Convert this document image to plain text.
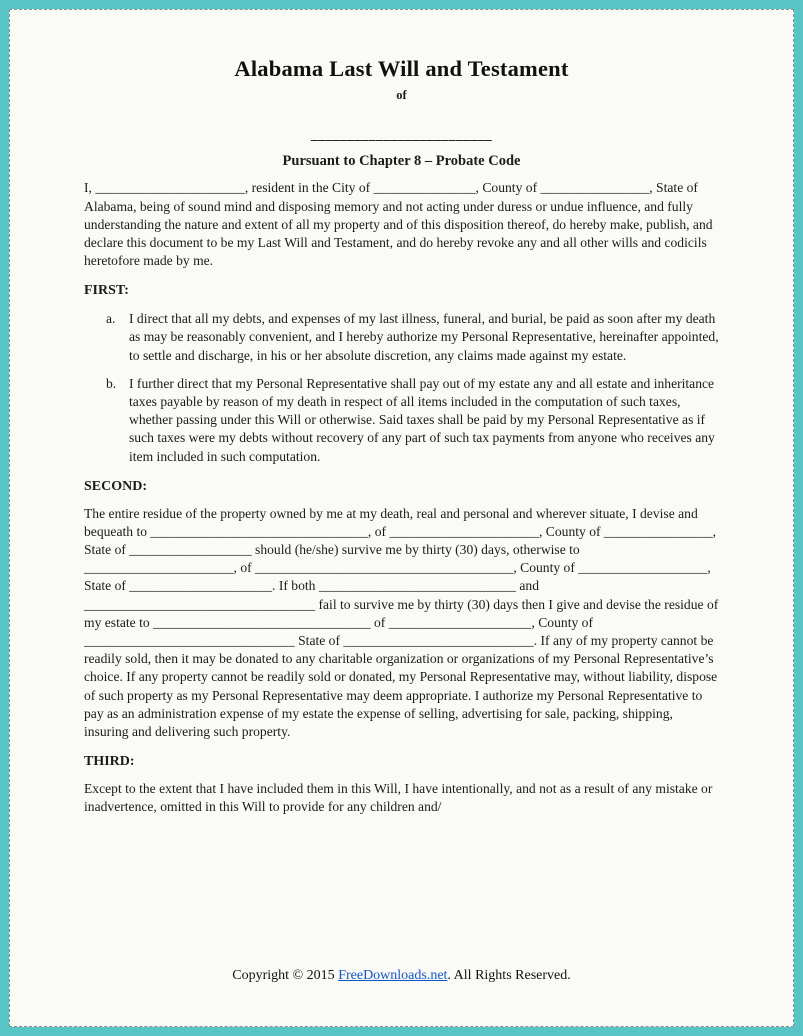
Alabama Last Will and Testament
of
_________________________
Pursuant to Chapter 8 – Probate Code

I, ______________________, resident in the City of _______________, County of ________________, State of Alabama, being of sound mind and disposing memory and not acting under duress or undue influence, and fully understanding the nature and extent of all my property and of this disposition thereof, do hereby make, publish, and declare this document to be my Last Will and Testament, and do hereby revoke any and all other wills and codicils heretofore made by me.

FIRST:
a. I direct that all my debts, and expenses of my last illness, funeral, and burial, be paid as soon after my death as may be reasonably convenient, and I hereby authorize my Personal Representative, hereinafter appointed, to settle and discharge, in his or her absolute discretion, any claims made against my estate.
b. I further direct that my Personal Representative shall pay out of my estate any and all estate and inheritance taxes payable by reason of my death in respect of all items included in the computation of such taxes, whether passing under this Will or otherwise. Said taxes shall be paid by my Personal Representative as if such taxes were my debts without recovery of any part of such tax payments from anyone who receives any item included in such computation.
SECOND:

The entire residue of the property owned by me at my death, real and personal and wherever situate, I devise and bequeath to ________________________________, of ______________________, County of ________________, State of __________________ should (he/she) survive me by thirty (30) days, otherwise to ______________________, of ______________________________________, County of ___________________, State of _____________________. If both _____________________________ and __________________________________ fail to survive me by thirty (30) days then I give and devise the residue of my estate to ________________________________ of _____________________, County of _______________________________ State of ____________________________. If any of my property cannot be readily sold, then it may be donated to any charitable organization or organizations of my Personal Representative’s choice. If any property cannot be readily sold or donated, my Personal Representative may, without liability, dispose of such property as my Personal Representative may deem appropriate. I authorize my Personal Representative to pay as an administration expense of my estate the expense of selling, advertising for sale, packing, shipping, insuring and delivering such property.

THIRD:

Except to the extent that I have included them in this Will, I have intentionally, and not as a result of any mistake or inadvertence, omitted in this Will to provide for any children and/

Copyright © 2015 FreeDownloads.net. All Rights Reserved.
